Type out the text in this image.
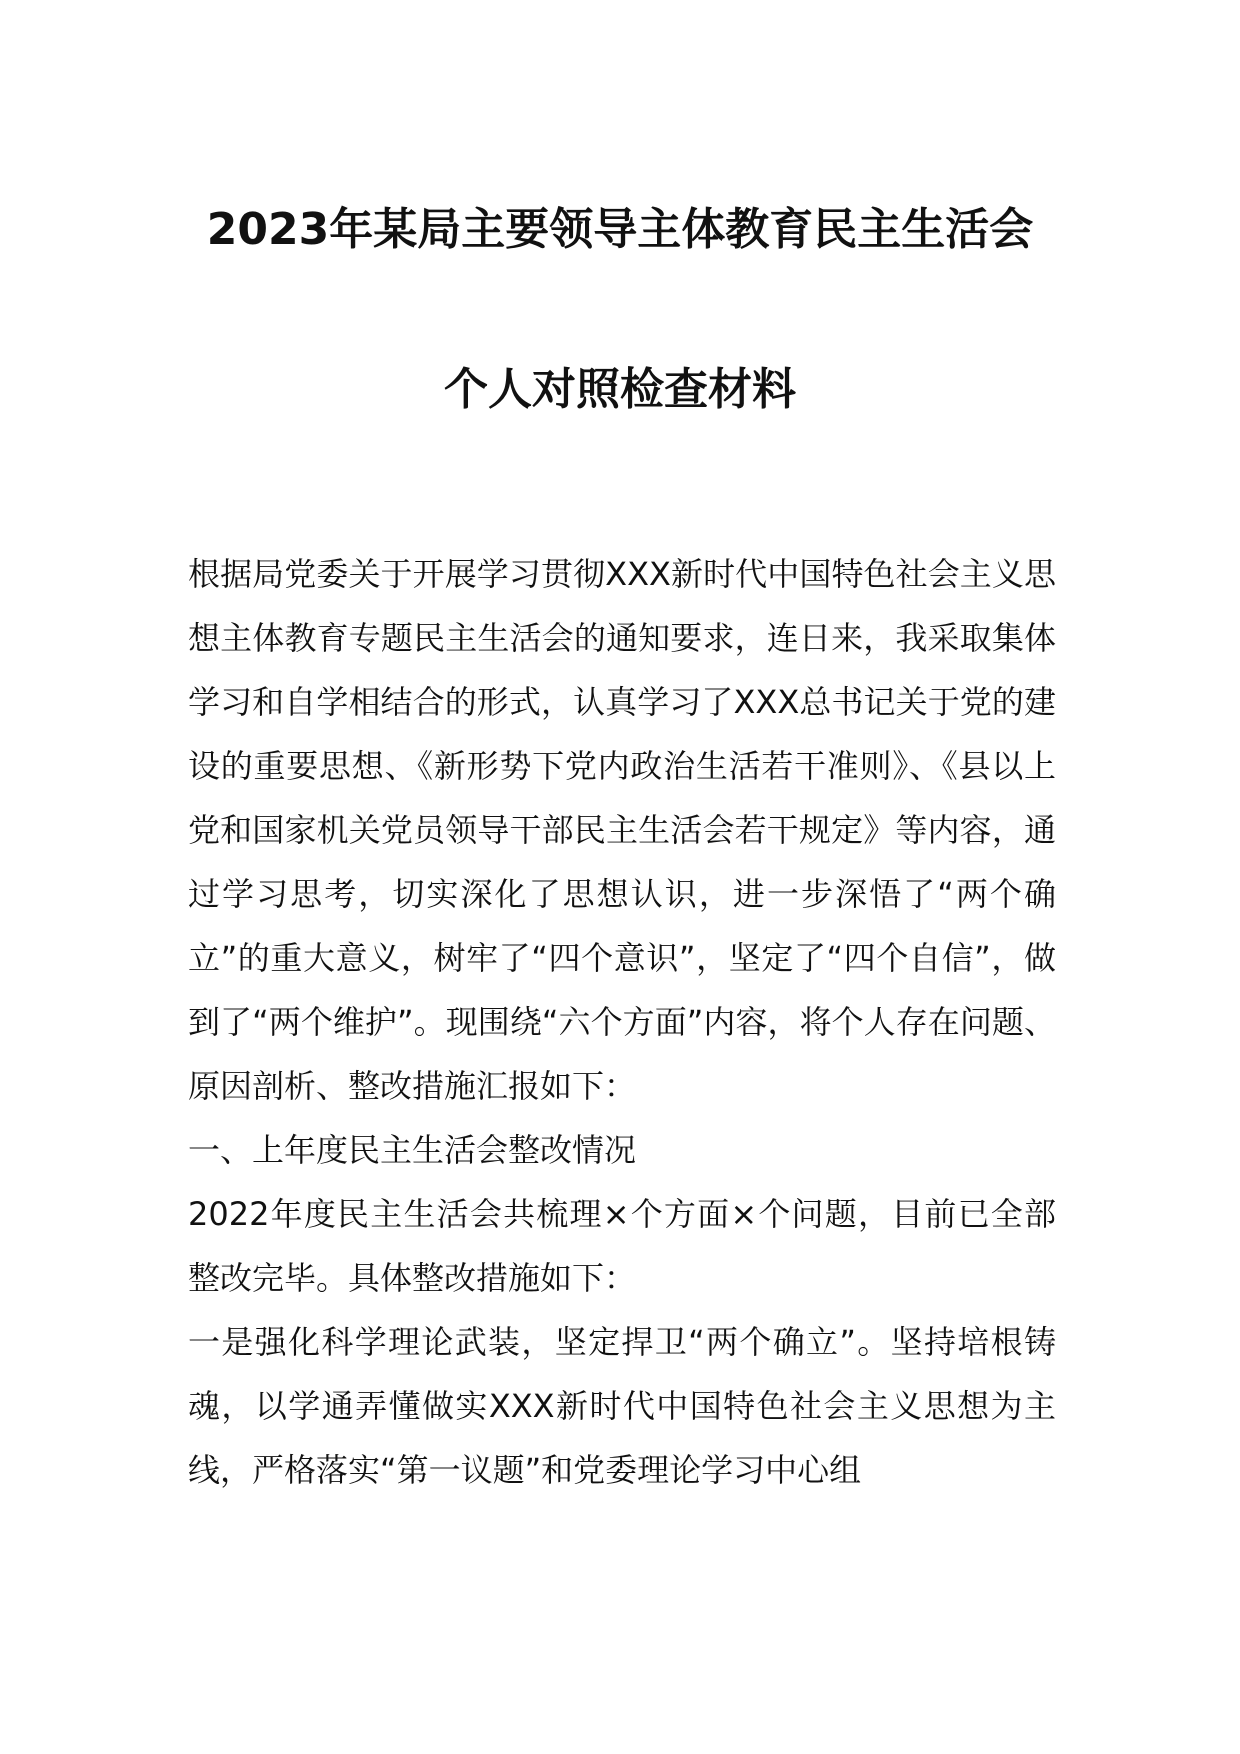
2023年某局主要领导主体教育民主生活会
个人对照检查材料

根据局党委关于开展学习贯彻XXX新时代中国特色社会主义思想主体教育专题民主生活会的通知要求，连日来，我采取集体学习和自学相结合的形式，认真学习了XXX总书记关于党的建设的重要思想、《新形势下党内政治生活若干准则》、《县以上党和国家机关党员领导干部民主生活会若干规定》等内容，通过学习思考，切实深化了思想认识，进一步深悟了“两个确立”的重大意义，树牢了“四个意识”，坚定了“四个自信”，做到了“两个维护”。现围绕“六个方面”内容，将个人存在问题、原因剖析、整改措施汇报如下：

一、上年度民主生活会整改情况

2022年度民主生活会共梳理×个方面×个问题，目前已全部整改完毕。具体整改措施如下：

一是强化科学理论武装，坚定捍卫“两个确立”。坚持培根铸魂，以学通弄懂做实XXX新时代中国特色社会主义思想为主线，严格落实“第一议题”和党委理论学习中心组
